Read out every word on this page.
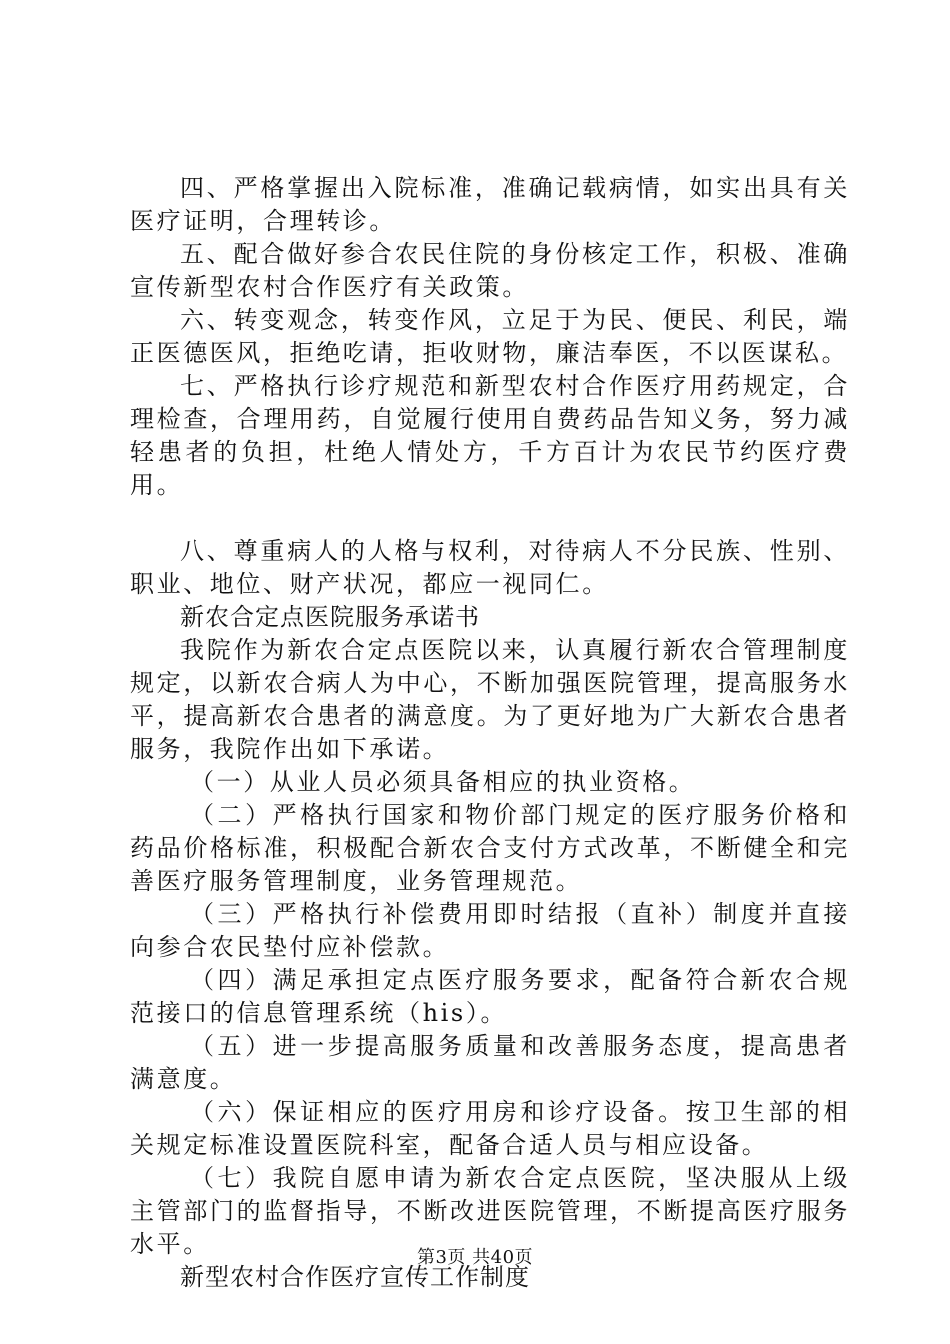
四、严格掌握出入院标准，准确记载病情，如实出具有关医疗证明，合理转诊。

五、配合做好参合农民住院的身份核定工作，积极、准确宣传新型农村合作医疗有关政策。

六、转变观念，转变作风，立足于为民、便民、利民，端正医德医风，拒绝吃请，拒收财物，廉洁奉医，不以医谋私。

七、严格执行诊疗规范和新型农村合作医疗用药规定，合理检查，合理用药，自觉履行使用自费药品告知义务，努力减轻患者的负担，杜绝人情处方，千方百计为农民节约医疗费用。

八、尊重病人的人格与权利，对待病人不分民族、性别、职业、地位、财产状况，都应一视同仁。

新农合定点医院服务承诺书

我院作为新农合定点医院以来，认真履行新农合管理制度规定，以新农合病人为中心，不断加强医院管理，提高服务水平，提高新农合患者的满意度。为了更好地为广大新农合患者服务，我院作出如下承诺。

（一）从业人员必须具备相应的执业资格。

（二）严格执行国家和物价部门规定的医疗服务价格和药品价格标准，积极配合新农合支付方式改革，不断健全和完善医疗服务管理制度，业务管理规范。

（三）严格执行补偿费用即时结报（直补）制度并直接向参合农民垫付应补偿款。

（四）满足承担定点医疗服务要求，配备符合新农合规范接口的信息管理系统（his）。

（五）进一步提高服务质量和改善服务态度，提高患者满意度。

（六）保证相应的医疗用房和诊疗设备。按卫生部的相关规定标准设置医院科室，配备合适人员与相应设备。

（七）我院自愿申请为新农合定点医院，坚决服从上级主管部门的监督指导，不断改进医院管理，不断提高医疗服务水平。

新型农村合作医疗宣传工作制度

第3页 共40页
